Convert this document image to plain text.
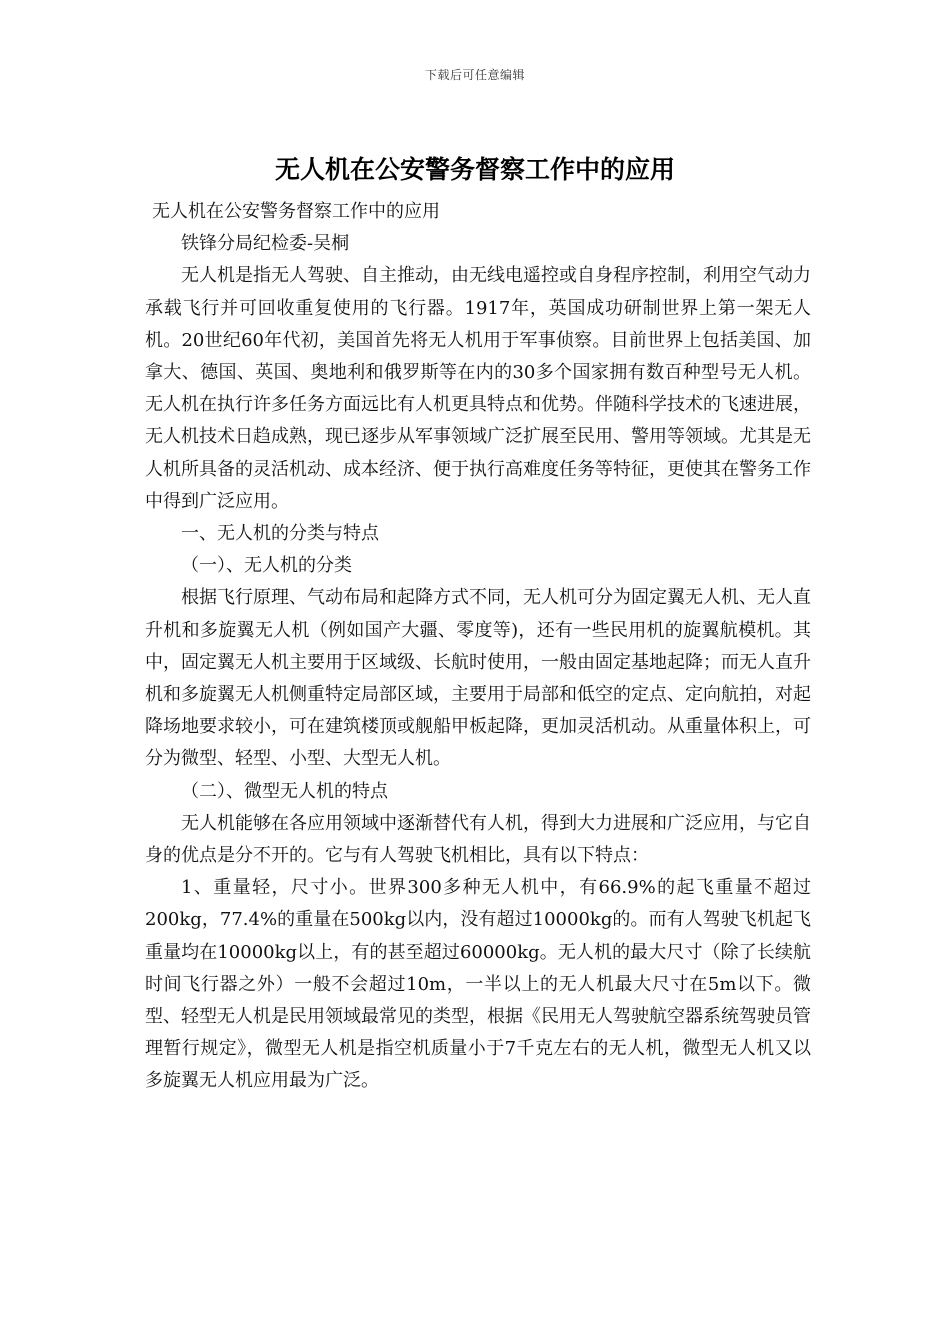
下载后可任意编辑
无人机在公安警务督察工作中的应用

无人机在公安警务督察工作中的应用

铁锋分局纪检委-吴桐

无人机是指无人驾驶、自主推动，由无线电遥控或自身程序控制，利用空气动力承载飞行并可回收重复使用的飞行器。1917年，英国成功研制世界上第一架无人机。20世纪60年代初，美国首先将无人机用于军事侦察。目前世界上包括美国、加拿大、德国、英国、奥地利和俄罗斯等在内的30多个国家拥有数百种型号无人机。无人机在执行许多任务方面远比有人机更具特点和优势。伴随科学技术的飞速进展，无人机技术日趋成熟，现已逐步从军事领域广泛扩展至民用、警用等领域。尤其是无人机所具备的灵活机动、成本经济、便于执行高难度任务等特征，更使其在警务工作中得到广泛应用。

一、无人机的分类与特点

（一）、无人机的分类

根据飞行原理、气动布局和起降方式不同，无人机可分为固定翼无人机、无人直升机和多旋翼无人机（例如国产大疆、零度等)，还有一些民用机的旋翼航模机。其中，固定翼无人机主要用于区域级、长航时使用，一般由固定基地起降；而无人直升机和多旋翼无人机侧重特定局部区域，主要用于局部和低空的定点、定向航拍，对起降场地要求较小，可在建筑楼顶或舰船甲板起降，更加灵活机动。从重量体积上，可分为微型、轻型、小型、大型无人机。

（二）、微型无人机的特点

无人机能够在各应用领域中逐渐替代有人机，得到大力进展和广泛应用，与它自身的优点是分不开的。它与有人驾驶飞机相比，具有以下特点：

1、重量轻，尺寸小。世界300多种无人机中，有66.9%的起飞重量不超过200kg，77.4%的重量在500kg以内，没有超过10000kg的。而有人驾驶飞机起飞重量均在10000kg以上，有的甚至超过60000kg。无人机的最大尺寸（除了长续航时间飞行器之外）一般不会超过10m，一半以上的无人机最大尺寸在5m以下。微型、轻型无人机是民用领域最常见的类型，根据《民用无人驾驶航空器系统驾驶员管理暂行规定》，微型无人机是指空机质量小于7千克左右的无人机，微型无人机又以多旋翼无人机应用最为广泛。
